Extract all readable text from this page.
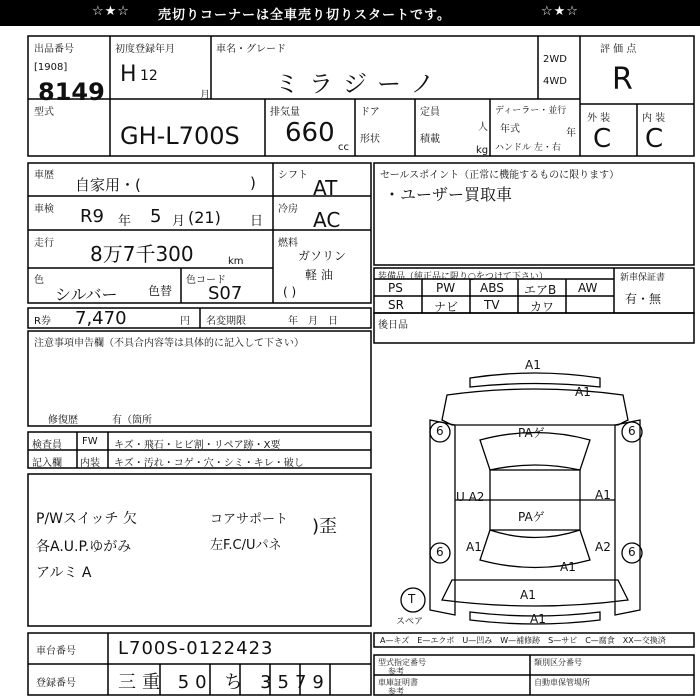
☆★☆ 売切りコーナーは全車売り切りスタートです。	☆★☆
出品番号
[1908]
8149
初度登録年月
H 12
月
車名・グレード
ミラジーノ
2WD
4WD
評 価 点
R
外 装	内 装
C C
型式
GH-L700S
排気量
660 cc
ドア
形状
定員
人
積載
kg
ディーラー・並行
年式	年
ハンドル 左・右
車歴
自家用・(	)
車検 R9 年 5 月 (21) 日
走行 8万7千300	km
色
シルバー	色替
色コード
S07
シフト
AT
冷房 AC
燃料
ガソリン
軽 油
( )
R券 7,470	円 名変期限	年　月　日
セールスポイント（正常に機能するものに限ります）
・ユーザー買取車
装備品（純正品に限り○をつけて下さい）	新車保証書
有・無
PS	PW ABS エアB AW
SR	ナビ TV	カワ
後日品
注意事項申告欄（不具合内容等は具体的に記入して下さい）
修復歴	有（箇所
検査員
記入欄
FW キズ・飛石・ヒビ割・リペア跡・X要
内装 キズ・汚れ・コゲ・穴・シミ・キレ・破し
P/Wスイッチ 欠
各A.U.P.ゆがみ
アルミ A
コアサポート
左F.C/Uパネ
)歪
A1
A1
6	6
PAゲ
U A2	A1
PAゲ
6 A1
A1
A2 6
A1
A1
T
スペア
A—キズ　E—エクボ　U—凹み　W—補修跡　S—サビ　C—腐食　XX—交換済
車台番号 L700S-0122423
登録番号 三重 50 ち 3579
型式指定番号
参考
類別区分番号
車庫証明書
参考
自動車保管場所
